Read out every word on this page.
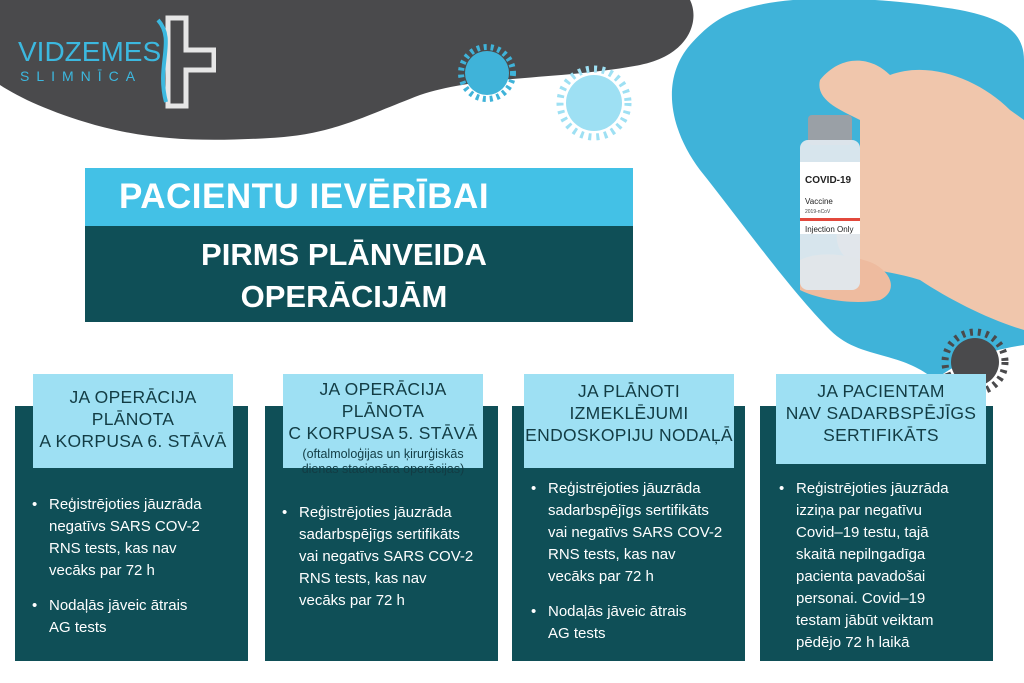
VIDZEMES
SLIMNĪCA
COVID-19
Vaccine
2019-nCoV
Injection Only
PACIENTU IEVĒRĪBAI
PIRMS PLĀNVEIDA
OPERĀCIJĀM
JA OPERĀCIJA
PLĀNOTA
A KORPUSA 6. STĀVĀ
• Reģistrējoties jāuzrāda
negatīvs SARS COV-2
RNS tests, kas nav
vecāks par 72 h
• Nodaļās jāveic ātrais
AG tests
JA OPERĀCIJA PLĀNOTA
C KORPUSA 5. STĀVĀ
(oftalmoloģijas un ķirurģiskās
dienas stacionāra operācijas)
• Reģistrējoties jāuzrāda
sadarbspējīgs sertifikāts
vai negatīvs SARS COV-2
RNS tests, kas nav
vecāks par 72 h
JA PLĀNOTI
IZMEKLĒJUMI
ENDOSKOPIJU NODAĻĀ
• Reģistrējoties jāuzrāda
sadarbspējīgs sertifikāts
vai negatīvs SARS COV-2
RNS tests, kas nav
vecāks par 72 h
• Nodaļās jāveic ātrais
AG tests
JA PACIENTAM
NAV SADARBSPĒJĪGS
SERTIFIKĀTS
• Reģistrējoties jāuzrāda
izziņa par negatīvu
Covid–19 testu, tajā
skaitā nepilngadīga
pacienta pavadošai
personai. Covid–19
testam jābūt veiktam
pēdējo 72 h laikā
